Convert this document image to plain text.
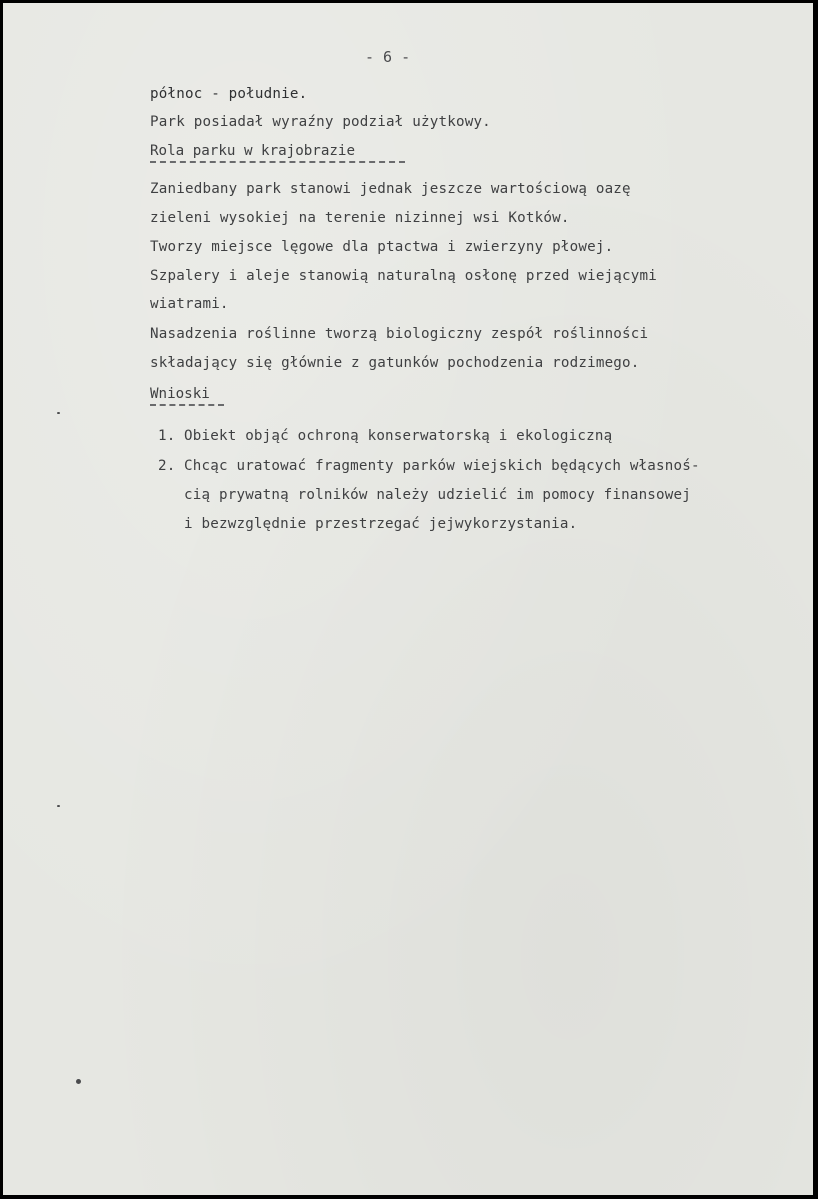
- 6 -
północ - południe.
Park posiadał wyraźny podział użytkowy.
Rola parku w krajobrazie
Zaniedbany park stanowi jednak jeszcze wartościową oazę
zieleni wysokiej na terenie nizinnej wsi Kotków.
Tworzy miejsce lęgowe dla ptactwa i zwierzyny płowej.
Szpalery i aleje stanowią naturalną osłonę przed wiejącymi
wiatrami.
Nasadzenia roślinne tworzą biologiczny zespół roślinności
składający się głównie z gatunków pochodzenia rodzimego.
Wnioski
1. Obiekt objąć ochroną konserwatorską i ekologiczną
2. Chcąc uratować fragmenty parków wiejskich będących własnoś-
cią prywatną rolników należy udzielić im pomocy finansowej
i bezwzględnie przestrzegać jejwykorzystania.
